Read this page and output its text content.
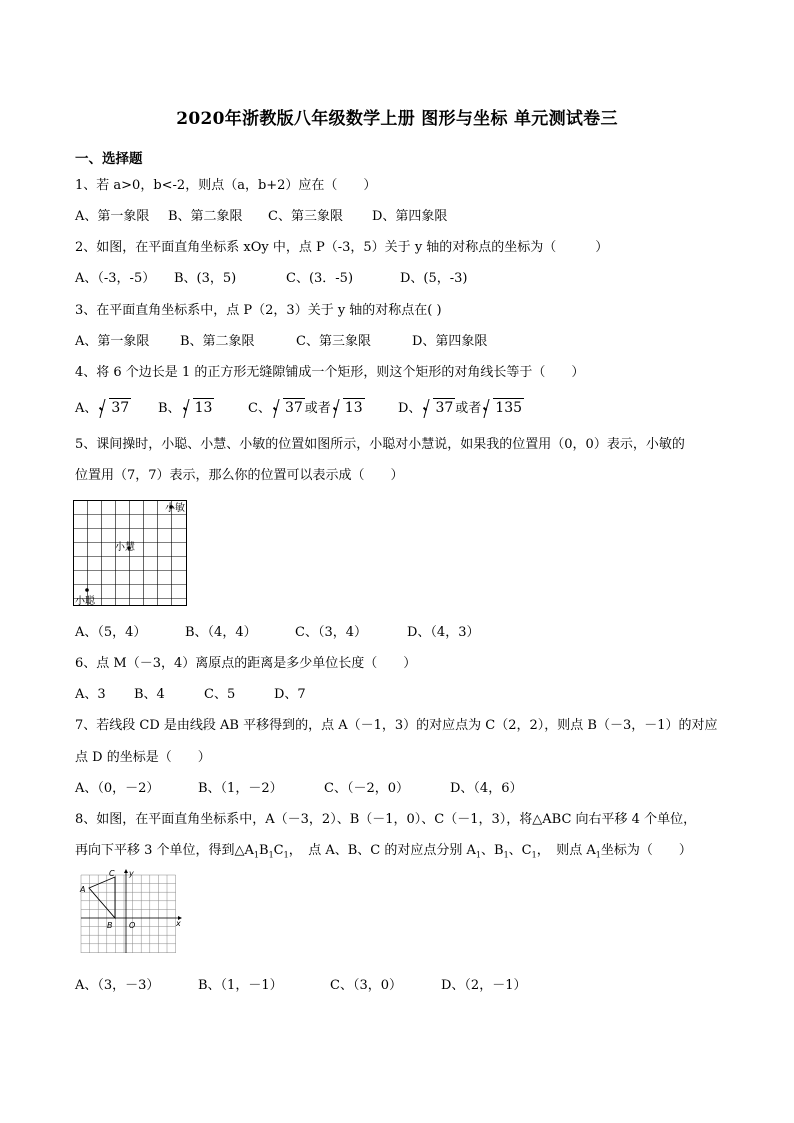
2020年浙教版八年级数学上册 图形与坐标 单元测试卷三
一、选择题
1、若 a>0，b<-2，则点（a，b+2）应在（　　）
A、第一象限 B、第二象限 C、第三象限 D、第四象限
2、如图，在平面直角坐标系 xOy 中，点 P（-3，5）关于 y 轴的对称点的坐标为（　　　）
A、（-3，-5） B、(3，5)	C、(3．-5)	D、(5，-3)
3、在平面直角坐标系中，点 P（2，3）关于 y 轴的对称点在( )
A、第一象限 B、第二象限	C、第三象限	D、第四象限
4、将 6 个边长是 1 的正方形无缝隙铺成一个矩形，则这个矩形的对角线长等于（　　）
A、 37 B、 13	C、 37 或者 13	D、 37 或者 135
5、课间操时，小聪、小慧、小敏的位置如图所示，小聪对小慧说，如果我的位置用（0，0）表示，小敏的
位置用（7，7）表示，那么你的位置可以表示成（　　）
小敏
小慧
小聪
A、（5，4）	B、（4，4）	C、（3，4）	D、（4，3）
6、点 M（－3，4）离原点的距离是多少单位长度（　　）
A、3 B、4	C、5	D、7
7、若线段 CD 是由线段 AB 平移得到的，点 A（－1，3）的对应点为 C（2，2），则点 B（－3，－1）的对应
点 D 的坐标是（　　）
A、（0，－2）	B、（1，－2）	C、（－2，0）	D、（4，6）
8、如图，在平面直角坐标系中，A（－3，2）、B（－1，0）、C（－1，3），将△ABC 向右平移 4 个单位，
再向下平移 3 个单位，得到$\triangle A_1B_1C_1$，　点 A、B、C 的对应点分别 $A_1$、$B_1$、$C_1$，　则点 $A_1$坐标为（　　）
C y
A
B O	x
A、（3，－3）	B、（1，－1）	C、（3，0）	D、（2，－1）
